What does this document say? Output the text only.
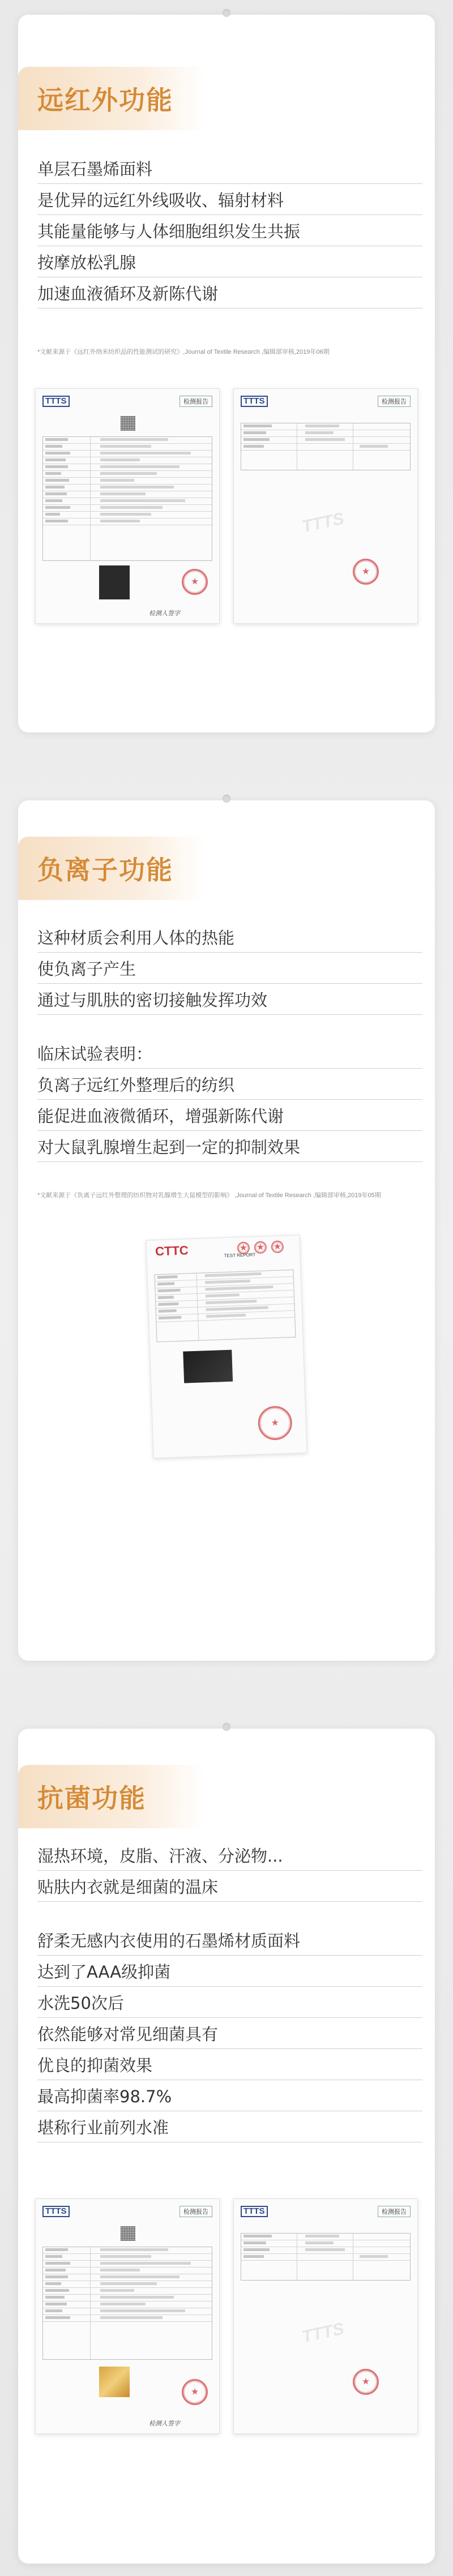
远红外功能
单层石墨烯面料
是优异的远红外线吸收、辐射材料
其能量能够与人体细胞组织发生共振
按摩放松乳腺
加速血液循环及新陈代谢
*文献来源于《远红外纳米纺织品的性能测试的研究》,Journal of Textile Research ,编辑部审核,2019年06期
TTTS	检测报告
★
检测人签字
TTTS	检测报告
TTTS
★
负离子功能
这种材质会利用人体的热能
使负离子产生
通过与肌肤的密切接触发挥功效
临床试验表明：
负离子远红外整理后的纺织
能促进血液微循环，增强新陈代谢
对大鼠乳腺增生起到一定的抑制效果
*文献来源于《负离子远红外整理的纺织物对乳腺增生大鼠模型的影响》 ,Journal of Textile Research ,编辑部审核,2019年05期
CTTC	TEST REPORT
★
★
★
★
抗菌功能
湿热环境，皮脂、汗液、分泌物...
贴肤内衣就是细菌的温床
舒柔无感内衣使用的石墨烯材质面料
达到了AAA级抑菌
水洗50次后
依然能够对常见细菌具有
优良的抑菌效果
最高抑菌率98.7%
堪称行业前列水准
TTTS	检测报告
★
检测人签字
TTTS	检测报告
TTTS
★
